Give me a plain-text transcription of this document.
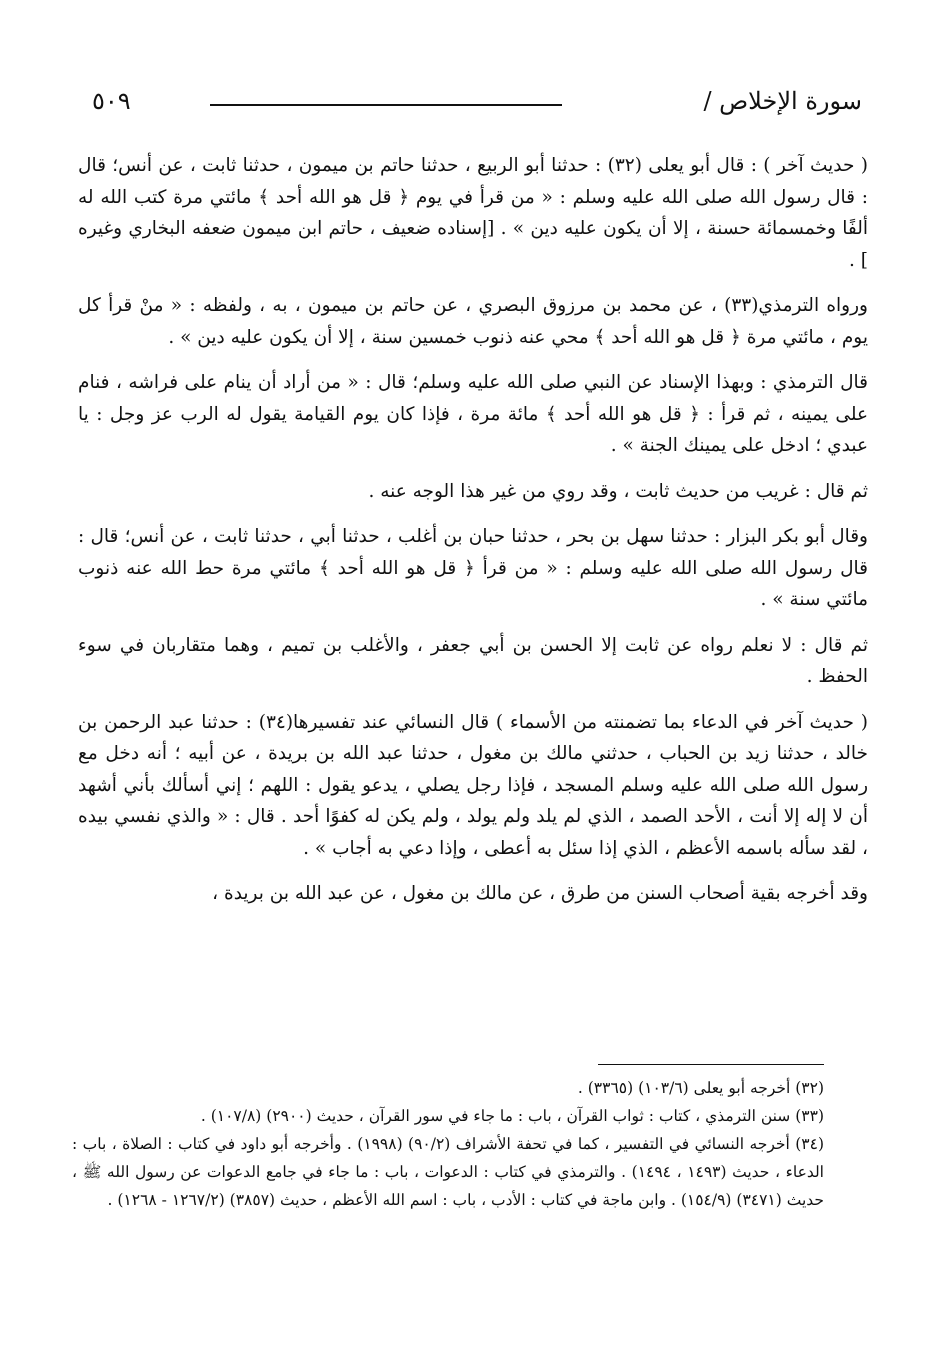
٥٠٩	سورة الإخلاص /

( حديث آخر ) : قال أبو يعلى (٣٢) : حدثنا أبو الربيع ، حدثنا حاتم بن ميمون ، حدثنا ثابت ، عن أنس؛ قال : قال رسول الله صلى الله عليه وسلم : « من قرأ في يوم ﴿ قل هو الله أحد ﴾ مائتي مرة كتب الله له ألفًا وخمسمائة حسنة ، إلا أن يكون عليه دين » . [إسناده ضعيف ، حاتم ابن ميمون ضعفه البخاري وغيره ] .

ورواه الترمذي(٣٣) ، عن محمد بن مرزوق البصري ، عن حاتم بن ميمون ، به ، ولفظه : « منْ قرأ كل يوم ، مائتي مرة ﴿ قل هو الله أحد ﴾ محي عنه ذنوب خمسين سنة ، إلا أن يكون عليه دين » .

قال الترمذي : وبهذا الإسناد عن النبي صلى الله عليه وسلم؛ قال : « من أراد أن ينام على فراشه ، فنام على يمينه ، ثم قرأ : ﴿ قل هو الله أحد ﴾ مائة مرة ، فإذا كان يوم القيامة يقول له الرب عز وجل : يا عبدي ؛ ادخل على يمينك الجنة » .

ثم قال : غريب من حديث ثابت ، وقد روي من غير هذا الوجه عنه .

وقال أبو بكر البزار : حدثنا سهل بن بحر ، حدثنا حبان بن أغلب ، حدثنا أبي ، حدثنا ثابت ، عن أنس؛ قال : قال رسول الله صلى الله عليه وسلم : « من قرأ ﴿ قل هو الله أحد ﴾ مائتي مرة حط الله عنه ذنوب مائتي سنة » .

ثم قال : لا نعلم رواه عن ثابت إلا الحسن بن أبي جعفر ، والأغلب بن تميم ، وهما متقاربان في سوء الحفظ .

( حديث آخر في الدعاء بما تضمنته من الأسماء ) قال النسائي عند تفسيرها(٣٤) : حدثنا عبد الرحمن بن خالد ، حدثنا زيد بن الحباب ، حدثني مالك بن مغول ، حدثنا عبد الله بن بريدة ، عن أبيه ؛ أنه دخل مع رسول الله صلى الله عليه وسلم المسجد ، فإذا رجل يصلي ، يدعو يقول : اللهم ؛ إني أسألك بأني أشهد أن لا إله إلا أنت ، الأحد الصمد ، الذي لم يلد ولم يولد ، ولم يكن له كفوًا أحد . قال : « والذي نفسي بيده ، لقد سأله باسمه الأعظم ، الذي إذا سئل به أعطى ، وإذا دعي به أجاب » .

وقد أخرجه بقية أصحاب السنن من طرق ، عن مالك بن مغول ، عن عبد الله بن بريدة ،

(٣٢) أخرجه أبو يعلى (١٠٣/٦) (٣٣٦٥) .

(٣٣) سنن الترمذي ، كتاب : ثواب القرآن ، باب : ما جاء في سور القرآن ، حديث (٢٩٠٠) (١٠٧/٨) .

(٣٤) أخرجه النسائي في التفسير ، كما في تحفة الأشراف (٩٠/٢) (١٩٩٨) . وأخرجه أبو داود في كتاب : الصلاة ، باب : الدعاء ، حديث (١٤٩٣ ، ١٤٩٤) . والترمذي في كتاب : الدعوات ، باب : ما جاء في جامع الدعوات عن رسول الله ﷺ ، حديث (٣٤٧١) (١٥٤/٩) . وابن ماجة في كتاب : الأدب ، باب : اسم الله الأعظم ، حديث (٣٨٥٧) (١٢٦٧/٢ - ١٢٦٨) .
